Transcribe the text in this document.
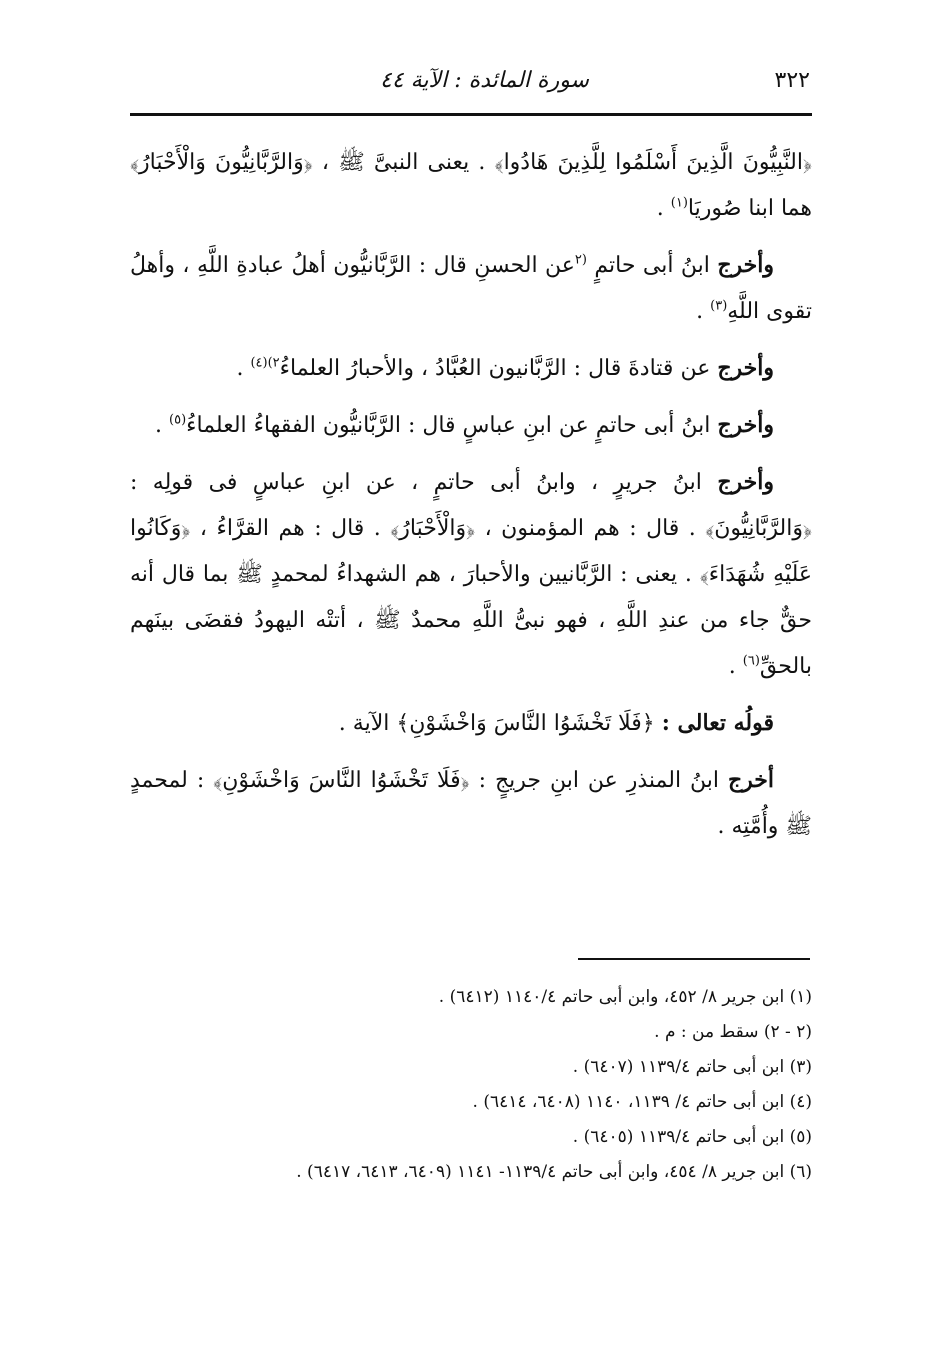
٣٢٢
سورة المائدة : الآية ٤٤

﴿النَّبِيُّونَ الَّذِينَ أَسْلَمُوا لِلَّذِينَ هَادُوا﴾ . يعنى النبىَّ ﷺ ، ﴿وَالرَّبَّانِيُّونَ وَالْأَحْبَارُ﴾ هما ابنا صُوريَا$^{(١)}$ .

وأخرج ابنُ أبى حاتمٍ $^{(٢}$عن الحسنِ قال : الرَّبَّانيُّون أهلُ عبادةِ اللَّهِ ، وأهلُ تقوى اللَّهِ$^{(٣)}$ .

وأخرج عن قتادةَ قال : الرَّبَّانيون العُبَّادُ ، والأحبارُ العلماءُ$^{٢)(٤)}$ .

وأخرج ابنُ أبى حاتمٍ عن ابنِ عباسٍ قال : الرَّبَّانيُّون الفقهاءُ العلماءُ$^{(٥)}$ .

وأخرج ابنُ جريرٍ ، وابنُ أبى حاتمٍ ، عن ابنِ عباسٍ فى قولِه : ﴿وَالرَّبَّانِيُّونَ﴾ . قال : هم المؤمنون ، ﴿وَالْأَحْبَارُ﴾ . قال : هم القرَّاءُ ، ﴿وَكَانُوا عَلَيْهِ شُهَدَاءَ﴾ . يعنى : الرَّبَّانيين والأحبارَ ، هم الشهداءُ لمحمدٍ ﷺ بما قال أنه حقٌّ جاء من عندِ اللَّهِ ، فهو نبىُّ اللَّهِ محمدٌ ﷺ ، أتتْه اليهودُ فقضَى بينَهم بالحقِّ$^{(٦)}$ .

قولُه تعالى : ﴿فَلَا تَخْشَوُا النَّاسَ وَاخْشَوْنِ﴾ الآية .

أخرج ابنُ المنذرِ عن ابنِ جريجٍ : ﴿فَلَا تَخْشَوُا النَّاسَ وَاخْشَوْنِ﴾ : لمحمدٍ ﷺ وأُمَّتِه .

(١) ابن جرير ٨/ ٤٥٢، وابن أبى حاتم ١١٤٠/٤ (٦٤١٢) .

(٢ - ٢) سقط من : م .

(٣) ابن أبى حاتم ١١٣٩/٤ (٦٤٠٧) .

(٤) ابن أبى حاتم ٤/ ١١٣٩، ١١٤٠ (٦٤٠٨، ٦٤١٤) .

(٥) ابن أبى حاتم ١١٣٩/٤ (٦٤٠٥) .

(٦) ابن جرير ٨/ ٤٥٤، وابن أبى حاتم ١١٣٩/٤- ١١٤١ (٦٤٠٩، ٦٤١٣، ٦٤١٧) .
